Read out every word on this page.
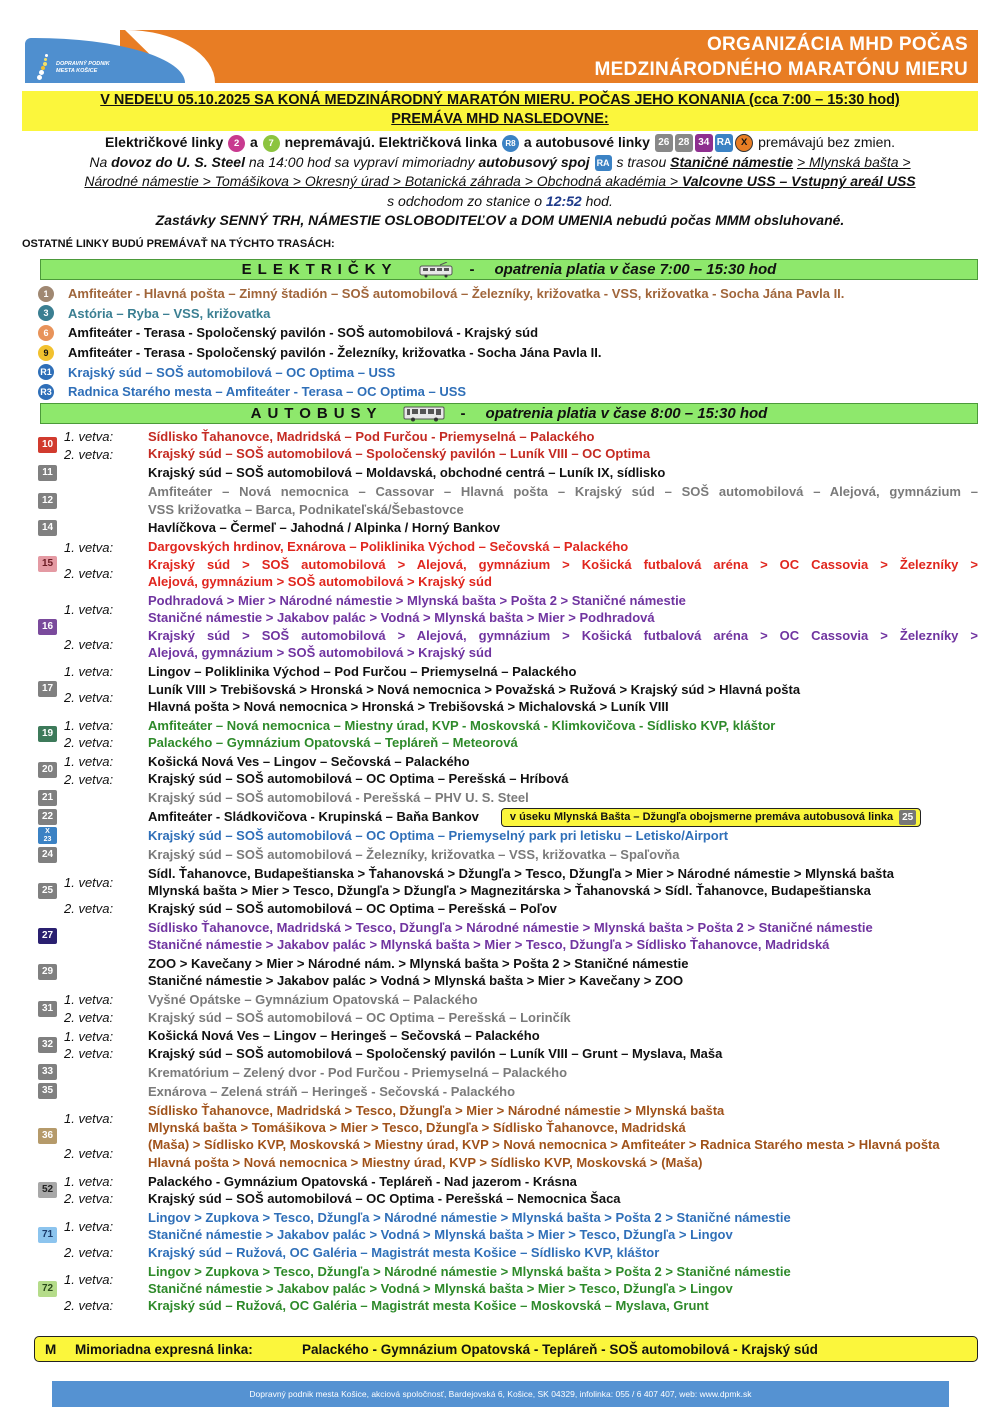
DOPRAVNÝ PODNIK
MESTA KOŠICE
ORGANIZÁCIA MHD POČAS
MEDZINÁRODNÉHO MARATÓNU MIERU
V NEDEĽU 05.10.2025 SA KONÁ MEDZINÁRODNÝ MARATÓN MIERU. POČAS JEHO KONANIA (cca 7:00 – 15:30 hod)
PREMÁVA MHD NASLEDOVNE:
Električkové linky 2 a 7 nepremávajú. Električková linka R8 a autobusové linky 26 28 34 RA X premávajú bez zmien.
Na dovoz do U. S. Steel na 14:00 hod sa vypraví mimoriadny autobusový spoj RA s trasou Staničné námestie > Mlynská bašta >
Národné námestie > Tomášikova > Okresný úrad > Botanická záhrada > Obchodná akadémia > Valcovne USS – Vstupný areál USS
s odchodom zo stanice o 12:52 hod.
Zastávky SENNÝ TRH, NÁMESTIE OSLOBODITEĽOV a DOM UMENIA nebudú počas MMM obsluhované.
OSTATNÉ LINKY BUDÚ PREMÁVAŤ NA TÝCHTO TRASÁCH:
ELEKTRIČKY	- opatrenia platia v čase 7:00 – 15:30 hod
1	Amfiteáter - Hlavná pošta – Zimný štadión – SOŠ automobilová – Železníky, križovatka - VSS, križovatka - Socha Jána Pavla II.
3	Astória – Ryba – VSS, križovatka
6	Amfiteáter - Terasa - Spoločenský pavilón - SOŠ automobilová - Krajský súd
9	Amfiteáter - Terasa - Spoločenský pavilón - Železníky, križovatka - Socha Jána Pavla II.
R1 Krajský súd – SOŠ automobilová – OC Optima – USS
R3 Radnica Starého mesta – Amfiteáter - Terasa – OC Optima – USS
AUTOBUSY	- opatrenia platia v čase 8:00 – 15:30 hod
10
1. vetva:	Sídlisko Ťahanovce, Madridská – Pod Furčou - Priemyselná – Palackého
2. vetva:	Krajský súd – SOŠ automobilová – Spoločenský pavilón – Luník VIII – OC Optima
11	Krajský súd – SOŠ automobilová – Moldavská, obchodné centrá – Luník IX, sídlisko
12
Amfiteáter – Nová nemocnica – Cassovar – Hlavná pošta – Krajský súd – SOŠ automobilová – Alejová, gymnázium –
VSS križovatka – Barca, Podnikateľská/Šebastovce
14	Havlíčkova – Čermeľ – Jahodná / Alpinka / Horný Bankov
15
1. vetva:	Dargovských hrdinov, Exnárova – Poliklinika Východ – Sečovská – Palackého
2. vetva:
Krajský súd > SOŠ automobilová > Alejová, gymnázium > Košická futbalová aréna > OC Cassovia > Železníky >
Alejová, gymnázium > SOŠ automobilová > Krajský súd
16
1. vetva:
Podhradová > Mier > Národné námestie > Mlynská bašta > Pošta 2 > Staničné námestie
Staničné námestie > Jakabov palác > Vodná > Mlynská bašta > Mier > Podhradová
2. vetva:
Krajský súd > SOŠ automobilová > Alejová, gymnázium > Košická futbalová aréna > OC Cassovia > Železníky >
Alejová, gymnázium > SOŠ automobilová > Krajský súd
17
1. vetva:	Lingov – Poliklinika Východ – Pod Furčou – Priemyselná – Palackého
2. vetva:
Luník VIII > Trebišovská > Hronská > Nová nemocnica > Považská > Ružová > Krajský súd > Hlavná pošta
Hlavná pošta > Nová nemocnica > Hronská > Trebišovská > Michalovská > Luník VIII
19
1. vetva:	Amfiteáter – Nová nemocnica – Miestny úrad, KVP - Moskovská - Klimkovičova - Sídlisko KVP, kláštor
2. vetva:	Palackého – Gymnázium Opatovská – Tepláreň – Meteorová
20
1. vetva:	Košická Nová Ves – Lingov – Sečovská – Palackého
2. vetva:	Krajský súd – SOŠ automobilová – OC Optima – Perešská – Hríbová
21	Krajský súd – SOŠ automobilová - Perešská – PHV U. S. Steel
22	Amfiteáter - Sládkovičova - Krupinská – Baňa Bankov	v úseku Mlynská Bašta – Džungľa obojsmerne premáva autobusová linka 25
X
23	Krajský súd – SOŠ automobilová – OC Optima – Priemyselný park pri letisku – Letisko/Airport
24	Krajský súd – SOŠ automobilová – Železníky, križovatka – VSS, križovatka – Spaľovňa
25
1. vetva:
Sídl. Ťahanovce, Budapeštianska > Ťahanovská > Džungľa > Tesco, Džungľa > Mier > Národné námestie > Mlynská bašta
Mlynská bašta > Mier > Tesco, Džungľa > Džungľa > Magnezitárska > Ťahanovská > Sídl. Ťahanovce, Budapeštianska
2. vetva:	Krajský súd – SOŠ automobilová – OC Optima – Perešská – Poľov
27
Sídlisko Ťahanovce, Madridská > Tesco, Džungľa > Národné námestie > Mlynská bašta > Pošta 2 > Staničné námestie
Staničné námestie > Jakabov palác > Mlynská bašta > Mier > Tesco, Džungľa > Sídlisko Ťahanovce, Madridská
29
ZOO > Kavečany > Mier > Národné nám. > Mlynská bašta > Pošta 2 > Staničné námestie
Staničné námestie > Jakabov palác > Vodná > Mlynská bašta > Mier > Kavečany > ZOO
31
1. vetva:	Vyšné Opátske – Gymnázium Opatovská – Palackého
2. vetva:	Krajský súd – SOŠ automobilová – OC Optima – Perešská – Lorinčík
32
1. vetva:	Košická Nová Ves – Lingov – Heringeš – Sečovská – Palackého
2. vetva:	Krajský súd – SOŠ automobilová – Spoločenský pavilón – Luník VIII – Grunt – Myslava, Maša
33	Krematórium – Zelený dvor - Pod Furčou - Priemyselná – Palackého
35	Exnárova – Zelená stráň – Heringeš - Sečovská - Palackého
36
1. vetva:
Sídlisko Ťahanovce, Madridská > Tesco, Džungľa > Mier > Národné námestie > Mlynská bašta
Mlynská bašta > Tomášikova > Mier > Tesco, Džungľa > Sídlisko Ťahanovce, Madridská
2. vetva:
(Maša) > Sídlisko KVP, Moskovská > Miestny úrad, KVP > Nová nemocnica > Amfiteáter > Radnica Starého mesta > Hlavná pošta
Hlavná pošta > Nová nemocnica > Miestny úrad, KVP > Sídlisko KVP, Moskovská > (Maša)
52
1. vetva:	Palackého - Gymnázium Opatovská - Tepláreň - Nad jazerom - Krásna
2. vetva:	Krajský súd – SOŠ automobilová – OC Optima - Perešská – Nemocnica Šaca
71
1. vetva:
Lingov > Zupkova > Tesco, Džungľa > Národné námestie > Mlynská bašta > Pošta 2 > Staničné námestie
Staničné námestie > Jakabov palác > Vodná > Mlynská bašta > Mier > Tesco, Džungľa > Lingov
2. vetva:	Krajský súd – Ružová, OC Galéria – Magistrát mesta Košice – Sídlisko KVP, kláštor
72
1. vetva:
Lingov > Zupkova > Tesco, Džungľa > Národné námestie > Mlynská bašta > Pošta 2 > Staničné námestie
Staničné námestie > Jakabov palác > Vodná > Mlynská bašta > Mier > Tesco, Džungľa > Lingov
2. vetva:	Krajský súd – Ružová, OC Galéria – Magistrát mesta Košice – Moskovská – Myslava, Grunt
M	Mimoriadna expresná linka:	Palackého - Gymnázium Opatovská - Tepláreň - SOŠ automobilová - Krajský súd
Dopravný podnik mesta Košice, akciová spoločnosť, Bardejovská 6, Košice, SK 04329, infolinka: 055 / 6 407 407, web: www.dpmk.sk
